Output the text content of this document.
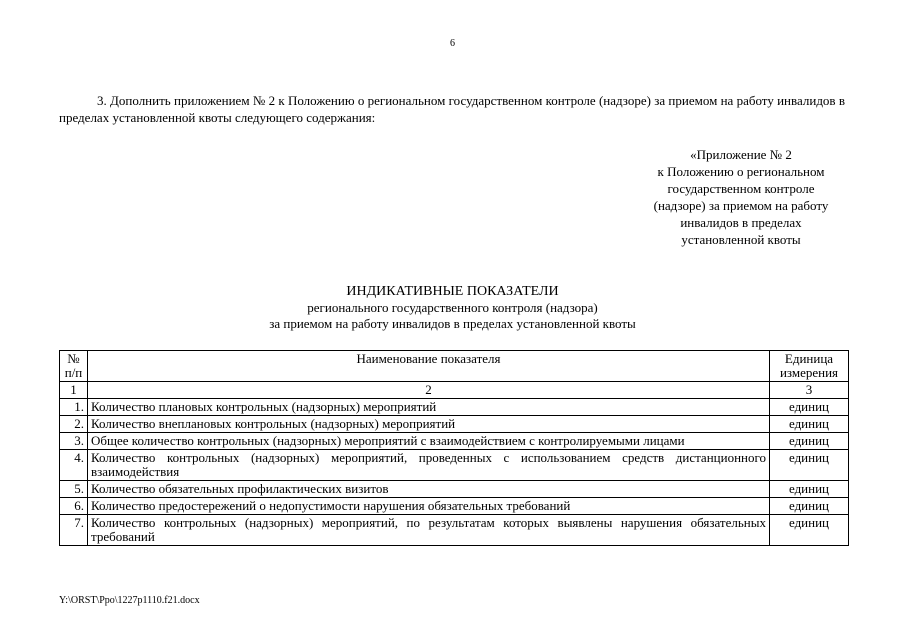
6

3. Дополнить приложением № 2 к Положению о региональном государственном контроле (надзоре) за приемом на работу инвалидов в пределах установленной квоты следующего содержания:

«Приложение № 2
к Положению о региональном
государственном контроле
(надзоре) за приемом на работу
инвалидов в пределах
установленной квоты
ИНДИКАТИВНЫЕ ПОКАЗАТЕЛИ
регионального государственного контроля (надзора)
за приемом на работу инвалидов в пределах установленной квоты
№ п/п	Наименование показателя	Единица измерения
1	2	3
1.	Количество плановых контрольных (надзорных) мероприятий	единиц
2.	Количество внеплановых контрольных (надзорных) мероприятий	единиц
3.	Общее количество контрольных (надзорных) мероприятий с взаимодействием с контролируемыми лицами	единиц
4.	Количество контрольных (надзорных) мероприятий, проведенных с использованием средств дистанционного взаимодействия	единиц
5.	Количество обязательных профилактических визитов	единиц
6.	Количество предостережений о недопустимости нарушения обязательных требований	единиц
7.	Количество контрольных (надзорных) мероприятий, по результатам которых выявлены нарушения обязательных требований	единиц
Y:\ORST\Ppo\1227p1110.f21.docx
